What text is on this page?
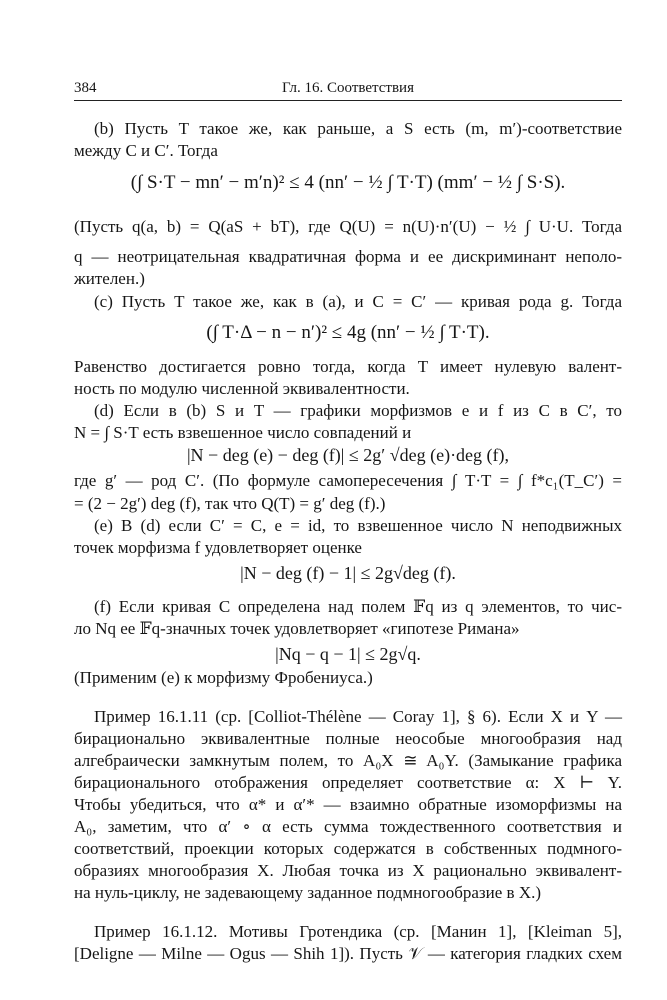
384	Гл. 16. Соответствия
(b) Пусть T такое же, как раньше, а S есть (m, m′)-соответствие
между C и C′. Тогда
(∫ S·T − mn′ − m′n)² ≤ 4 (nn′ − ½ ∫ T·T) (mm′ − ½ ∫ S·S).
(Пусть q(a, b) = Q(aS + bT), где Q(U) = n(U)·n′(U) − ½ ∫ U·U. Тогда
q — неотрицательная квадратичная форма и ее дискриминант неполо-
жителен.)
(c) Пусть T такое же, как в (a), и C = C′ — кривая рода g. Тогда
(∫ T·Δ − n − n′)² ≤ 4g (nn′ − ½ ∫ T·T).
Равенство достигается ровно тогда, когда T имеет нулевую валент-
ность по модулю численной эквивалентности.
(d) Если в (b) S и T — графики морфизмов e и f из C в C′, то
N = ∫ S·T есть взвешенное число совпадений и
|N − deg (e) − deg (f)| ≤ 2g′ √deg (e)·deg (f),
где g′ — род C′. (По формуле самопересечения ∫ T·T = ∫ f*c₁(T_C′) =
= (2 − 2g′) deg (f), так что Q(T) = g′ deg (f).)
(e) В (d) если C′ = C, e = id, то взвешенное число N неподвижных
точек морфизма f удовлетворяет оценке
|N − deg (f) − 1| ≤ 2g√deg (f).
(f) Если кривая C определена над полем 𝔽q из q элементов, то чис-
ло Nq ее 𝔽q-значных точек удовлетворяет «гипотезе Римана»
|Nq − q − 1| ≤ 2g√q.
(Применим (e) к морфизму Фробениуса.)
Пример 16.1.11 (ср. [Colliot-Thélène — Coray 1], § 6). Если X и Y —
бирационально эквивалентные полные неособые многообразия над
алгебраически замкнутым полем, то A₀X ≅ A₀Y. (Замыкание графика
бирационального отображения определяет соответствие α: X ⊢ Y.
Чтобы убедиться, что α* и α′* — взаимно обратные изоморфизмы на
A₀, заметим, что α′ ∘ α есть сумма тождественного соответствия и
соответствий, проекции которых содержатся в собственных подмного-
образиях многообразия X. Любая точка из X рационально эквивалент-
на нуль-циклу, не задевающему заданное подмногообразие в X.)
Пример 16.1.12. Мотивы Гротендика (ср. [Манин 1], [Kleiman 5],
[Deligne — Milne — Ogus — Shih 1]). Пусть 𝒱 — категория гладких схем
